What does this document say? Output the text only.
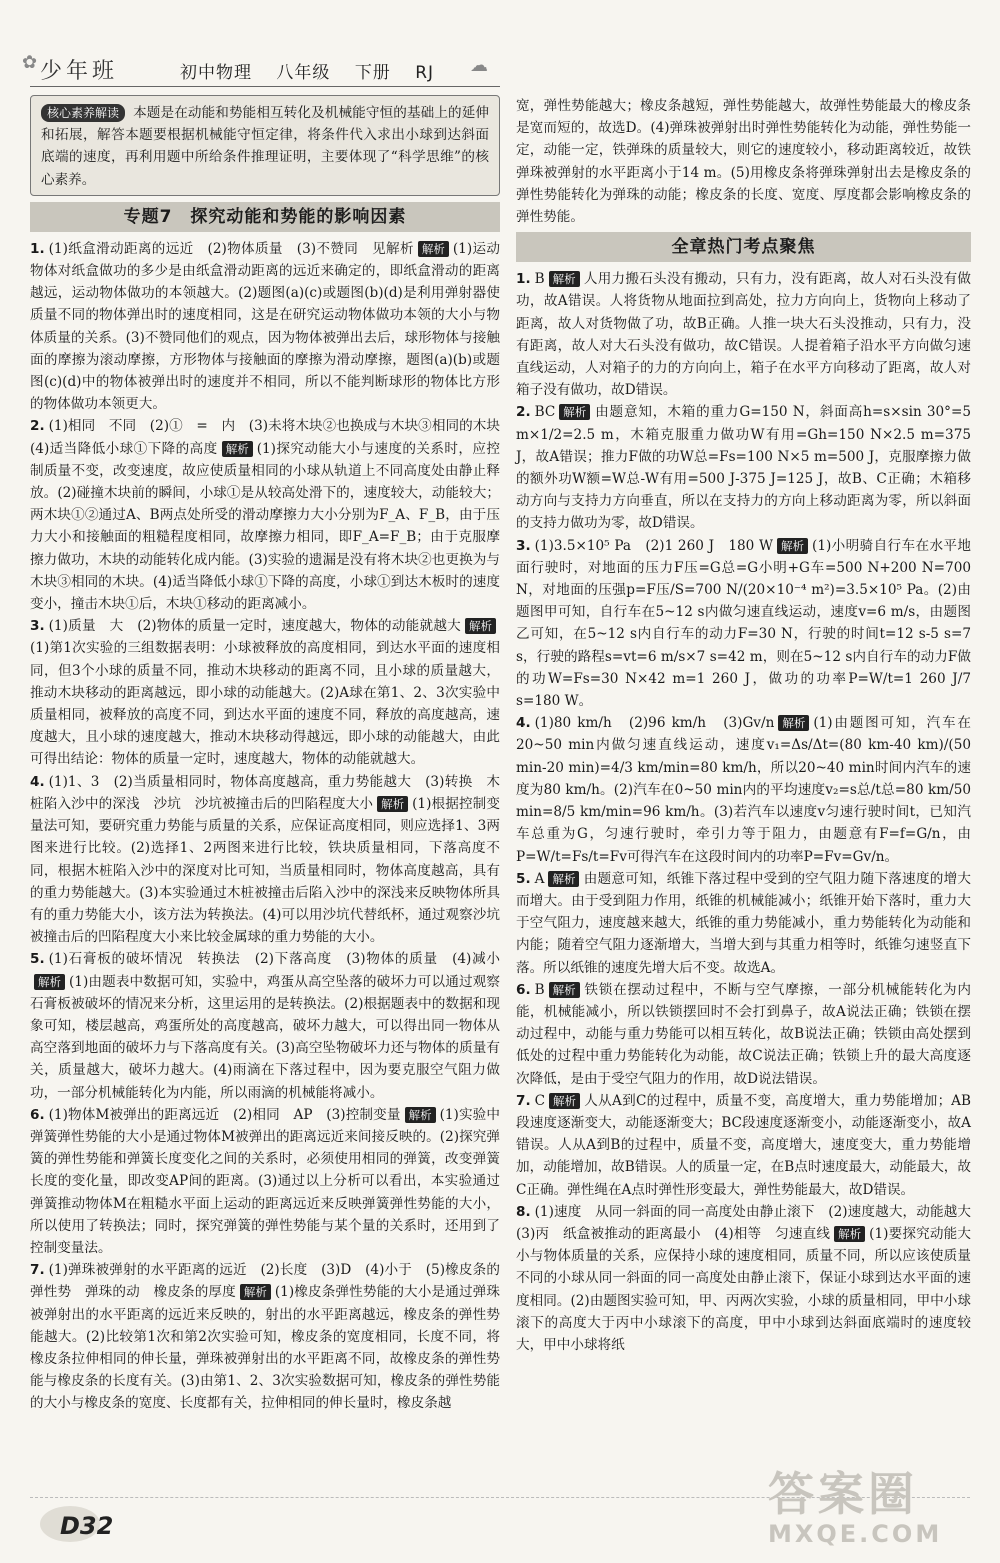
✿	☁
少年班	初中物理 八年级 下册 RJ
核心素养解读 本题是在动能和势能相互转化及机械能守恒的基础上的延伸和拓展，解答本题要根据机械能守恒定律，将条件代入求出小球到达斜面底端的速度，再利用题中所给条件推理证明，主要体现了“科学思维”的核心素养。
专题7　探究动能和势能的影响因素

1. (1)纸盒滑动距离的远近　(2)物体质量　(3)不赞同　见解析 解析 (1)运动物体对纸盒做功的多少是由纸盒滑动距离的远近来确定的，即纸盒滑动的距离越远，运动物体做功的本领越大。(2)题图(a)(c)或题图(b)(d)是利用弹射器使质量不同的物体弹出时的速度相同，这是在研究运动物体做功本领的大小与物体质量的关系。(3)不赞同他们的观点，因为物体被弹出去后，球形物体与接触面的摩擦为滚动摩擦，方形物体与接触面的摩擦为滑动摩擦，题图(a)(b)或题图(c)(d)中的物体被弹出时的速度并不相同，所以不能判断球形的物体比方形的物体做功本领更大。

2. (1)相同　不同　(2)①　=　内　(3)未将木块②也换成与木块③相同的木块　(4)适当降低小球①下降的高度 解析 (1)探究动能大小与速度的关系时，应控制质量不变，改变速度，故应使质量相同的小球从轨道上不同高度处由静止释放。(2)碰撞木块前的瞬间，小球①是从较高处滑下的，速度较大，动能较大；两木块①②通过A、B两点处所受的滑动摩擦力大小分别为F_A、F_B，由于压力大小和接触面的粗糙程度相同，故摩擦力相同，即F_A=F_B；由于克服摩擦力做功，木块的动能转化成内能。(3)实验的遗漏是没有将木块②也更换为与木块③相同的木块。(4)适当降低小球①下降的高度，小球①到达木板时的速度变小，撞击木块①后，木块①移动的距离减小。

3. (1)质量　大　(2)物体的质量一定时，速度越大，物体的动能就越大 解析(1)第1次实验的三组数据表明：小球被释放的高度相同，到达水平面的速度相同，但3个小球的质量不同，推动木块移动的距离不同，且小球的质量越大，推动木块移动的距离越远，即小球的动能越大。(2)A球在第1、2、3次实验中质量相同，被释放的高度不同，到达水平面的速度不同，释放的高度越高，速度越大，且小球的速度越大，推动木块移动得越远，即小球的动能越大，由此可得出结论：物体的质量一定时，速度越大，物体的动能就越大。

4. (1)1、3　(2)当质量相同时，物体高度越高，重力势能越大　(3)转换　木桩陷入沙中的深浅　沙坑　沙坑被撞击后的凹陷程度大小 解析 (1)根据控制变量法可知，要研究重力势能与质量的关系，应保证高度相同，则应选择1、3两图来进行比较。(2)选择1、2两图来进行比较，铁块质量相同，下落高度不同，根据木桩陷入沙中的深度对比可知，当质量相同时，物体高度越高，具有的重力势能越大。(3)本实验通过木桩被撞击后陷入沙中的深浅来反映物体所具有的重力势能大小，该方法为转换法。(4)可以用沙坑代替纸杯，通过观察沙坑被撞击后的凹陷程度大小来比较金属球的重力势能的大小。

5. (1)石膏板的破坏情况　转换法　(2)下落高度　(3)物体的质量　(4)减小解析 (1)由题表中数据可知，实验中，鸡蛋从高空坠落的破坏力可以通过观察石膏板被破坏的情况来分析，这里运用的是转换法。(2)根据题表中的数据和现象可知，楼层越高，鸡蛋所处的高度越高，破坏力越大，可以得出同一物体从高空落到地面的破坏力与下落高度有关。(3)高空坠物破坏力还与物体的质量有关，质量越大，破坏力越大。(4)雨滴在下落过程中，因为要克服空气阻力做功，一部分机械能转化为内能，所以雨滴的机械能将减小。

6. (1)物体M被弹出的距离远近　(2)相同　AP　(3)控制变量 解析 (1)实验中弹簧弹性势能的大小是通过物体M被弹出的距离远近来间接反映的。(2)探究弹簧的弹性势能和弹簧长度变化之间的关系时，必须使用相同的弹簧，改变弹簧长度的变化量，即改变AP间的距离。(3)通过以上分析可以看出，本实验通过弹簧推动物体M在粗糙水平面上运动的距离远近来反映弹簧弹性势能的大小，所以使用了转换法；同时，探究弹簧的弹性势能与某个量的关系时，还用到了控制变量法。

7. (1)弹珠被弹射的水平距离的远近　(2)长度　(3)D　(4)小于　(5)橡皮条的弹性势　弹珠的动　橡皮条的厚度 解析 (1)橡皮条弹性势能的大小是通过弹珠被弹射出的水平距离的远近来反映的，射出的水平距离越远，橡皮条的弹性势能越大。(2)比较第1次和第2次实验可知，橡皮条的宽度相同，长度不同，将橡皮条拉伸相同的伸长量，弹珠被弹射出的水平距离不同，故橡皮条的弹性势能与橡皮条的长度有关。(3)由第1、2、3次实验数据可知，橡皮条的弹性势能的大小与橡皮条的宽度、长度都有关，拉伸相同的伸长量时，橡皮条越

宽，弹性势能越大；橡皮条越短，弹性势能越大，故弹性势能最大的橡皮条是宽而短的，故选D。(4)弹珠被弹射出时弹性势能转化为动能，弹性势能一定，动能一定，铁弹珠的质量较大，则它的速度较小，移动距离较近，故铁弹珠被弹射的水平距离小于14 m。(5)用橡皮条将弹珠弹射出去是橡皮条的弹性势能转化为弹珠的动能；橡皮条的长度、宽度、厚度都会影响橡皮条的弹性势能。

全章热门考点聚焦

1. B 解析 人用力搬石头没有搬动，只有力，没有距离，故人对石头没有做功，故A错误。人将货物从地面拉到高处，拉力方向向上，货物向上移动了距离，故人对货物做了功，故B正确。人推一块大石头没推动，只有力，没有距离，故人对大石头没有做功，故C错误。人提着箱子沿水平方向做匀速直线运动，人对箱子的力的方向向上，箱子在水平方向移动了距离，故人对箱子没有做功，故D错误。

2. BC 解析 由题意知，木箱的重力G=150 N，斜面高h=s×sin 30°=5 m×1/2=2.5 m，木箱克服重力做功W有用=Gh=150 N×2.5 m=375 J，故A错误；推力F做的功W总=Fs=100 N×5 m=500 J，克服摩擦力做的额外功W额=W总-W有用=500 J-375 J=125 J，故B、C正确；木箱移动方向与支持力方向垂直，所以在支持力的方向上移动距离为零，所以斜面的支持力做功为零，故D错误。

3. (1)3.5×10⁵ Pa　(2)1 260 J　180 W 解析 (1)小明骑自行车在水平地面行驶时，对地面的压力F压=G总=G小明+G车=500 N+200 N=700 N，对地面的压强p=F压/S=700 N/(20×10⁻⁴ m²)=3.5×10⁵ Pa。(2)由题图甲可知，自行车在5~12 s内做匀速直线运动，速度v=6 m/s，由题图乙可知，在5~12 s内自行车的动力F=30 N，行驶的时间t=12 s-5 s=7 s，行驶的路程s=vt=6 m/s×7 s=42 m，则在5~12 s内自行车的动力F做的功W=Fs=30 N×42 m=1 260 J，做功的功率P=W/t=1 260 J/7 s=180 W。

4. (1)80 km/h　(2)96 km/h　(3)Gv/n 解析 (1)由题图可知，汽车在20~50 min内做匀速直线运动，速度v₁=Δs/Δt=(80 km-40 km)/(50 min-20 min)=4/3 km/min=80 km/h，所以20~40 min时间内汽车的速度为80 km/h。(2)汽车在0~50 min内的平均速度v₂=s总/t总=80 km/50 min=8/5 km/min=96 km/h。(3)若汽车以速度v匀速行驶时间t，已知汽车总重为G，匀速行驶时，牵引力等于阻力，由题意有F=f=G/n，由P=W/t=Fs/t=Fv可得汽车在这段时间内的功率P=Fv=Gv/n。

5. A 解析 由题意可知，纸锥下落过程中受到的空气阻力随下落速度的增大而增大。由于受到阻力作用，纸锥的机械能减小；纸锥开始下落时，重力大于空气阻力，速度越来越大，纸锥的重力势能减小，重力势能转化为动能和内能；随着空气阻力逐渐增大，当增大到与其重力相等时，纸锥匀速竖直下落。所以纸锥的速度先增大后不变。故选A。

6. B 解析 铁锁在摆动过程中，不断与空气摩擦，一部分机械能转化为内能，机械能减小，所以铁锁摆回时不会打到鼻子，故A说法正确；铁锁在摆动过程中，动能与重力势能可以相互转化，故B说法正确；铁锁由高处摆到低处的过程中重力势能转化为动能，故C说法正确；铁锁上升的最大高度逐次降低，是由于受空气阻力的作用，故D说法错误。

7. C 解析 人从A到C的过程中，质量不变，高度增大，重力势能增加；AB段速度逐渐变大，动能逐渐变大；BC段速度逐渐变小，动能逐渐变小，故A错误。人从A到B的过程中，质量不变，高度增大，速度变大，重力势能增加，动能增加，故B错误。人的质量一定，在B点时速度最大，动能最大，故C正确。弹性绳在A点时弹性形变最大，弹性势能最大，故D错误。

8. (1)速度　从同一斜面的同一高度处由静止滚下　(2)速度越大，动能越大　(3)丙　纸盒被推动的距离最小　(4)相等　匀速直线 解析 (1)要探究动能大小与物体质量的关系，应保持小球的速度相同，质量不同，所以应该使质量不同的小球从同一斜面的同一高度处由静止滚下，保证小球到达水平面的速度相同。(2)由题图实验可知，甲、丙两次实验，小球的质量相同，甲中小球滚下的高度大于丙中小球滚下的高度，甲中小球到达斜面底端时的速度较大，甲中小球将纸

D32
答案圈
MXQE.COM
